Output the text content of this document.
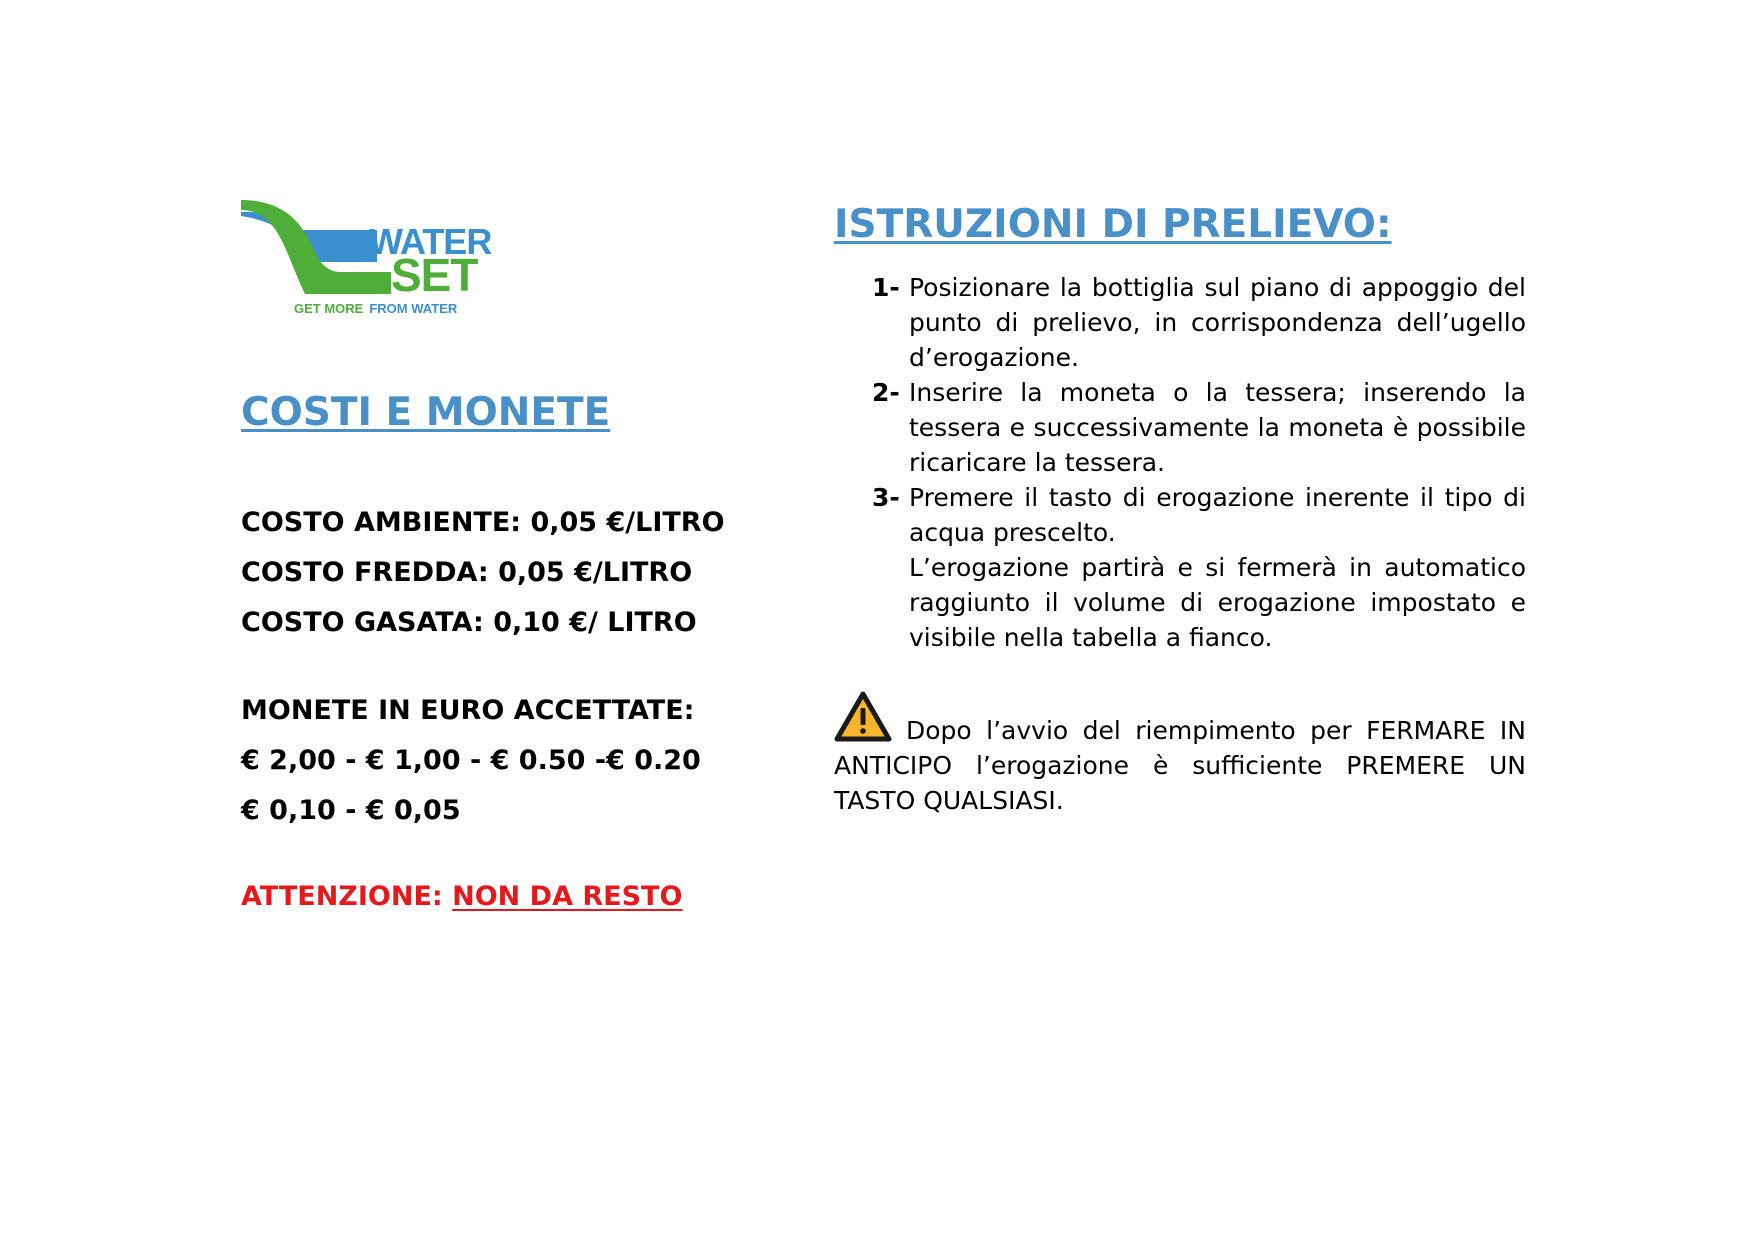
WATER
SET
GET MORE FROM WATER
COSTI E MONETE
COSTO AMBIENTE: 0,05 €/LITRO
COSTO FREDDA: 0,05 €/LITRO
COSTO GASATA: 0,10 €/ LITRO
MONETE IN EURO ACCETTATE:
€ 2,00 - € 1,00 - € 0.50 -€ 0.20
€ 0,10 - € 0,05
ATTENZIONE: NON DA RESTO
ISTRUZIONI DI PRELIEVO:
1- Posizionare la bottiglia sul piano di appoggio del punto di prelievo, in corrispondenza dell’ugello d’erogazione.
2- Inserire la moneta o la tessera; inserendo la tessera e successivamente la moneta è possibile ricaricare la tessera.
3- Premere il tasto di erogazione inerente il tipo di acqua prescelto.
L’erogazione partirà e si fermerà in automatico raggiunto il volume di erogazione impostato e visibile nella tabella a fianco.
Dopo l’avvio del riempimento per FERMARE IN ANTICIPO l’erogazione è sufficiente PREMERE UN TASTO QUALSIASI.
